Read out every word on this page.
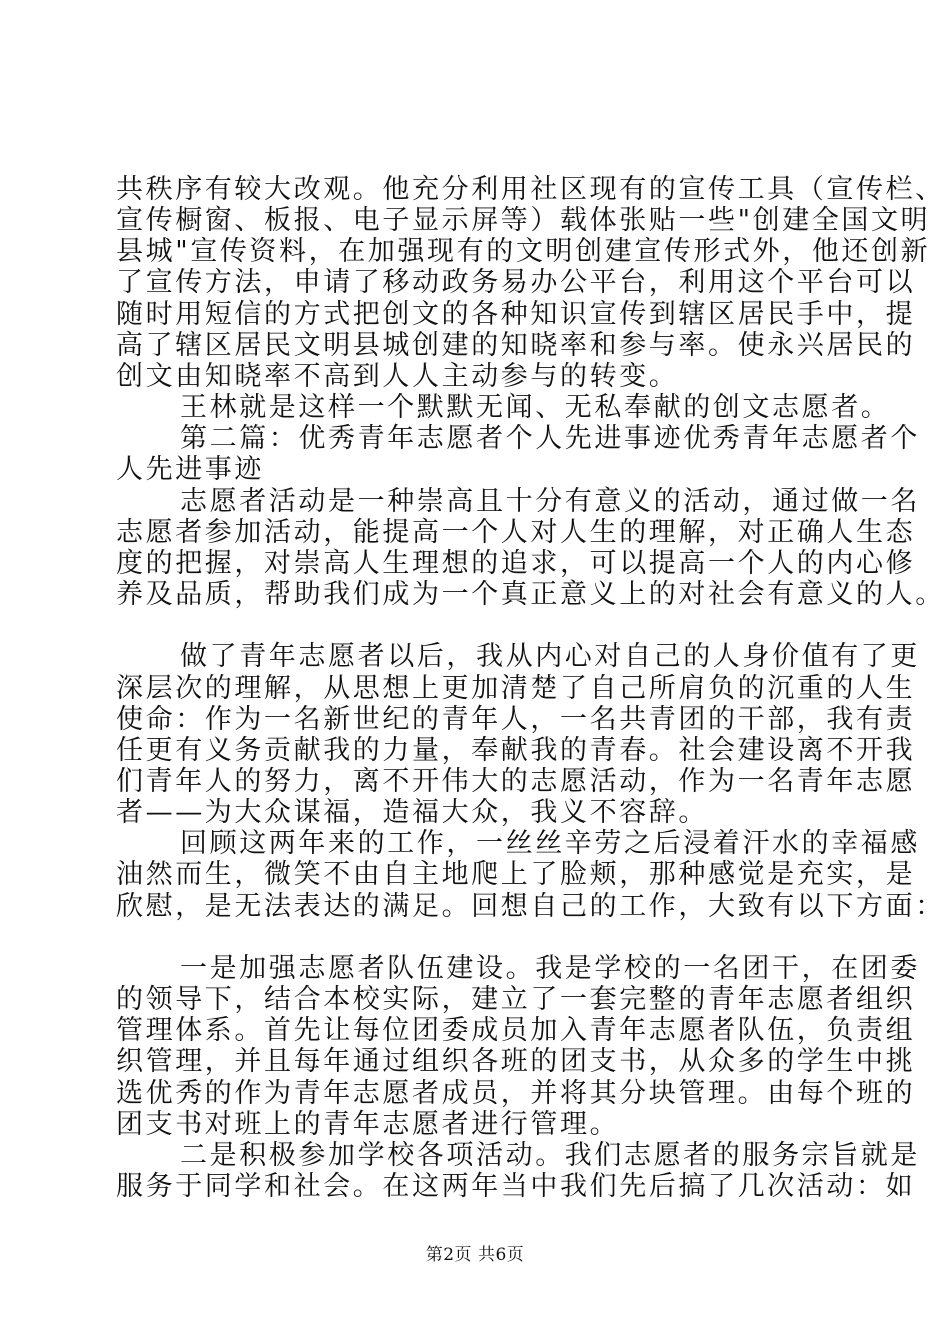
共秩序有较大改观。他充分利用社区现有的宣传工具（宣传栏、
宣传橱窗、板报、电子显示屏等）载体张贴一些"创建全国文明
县城"宣传资料，在加强现有的文明创建宣传形式外，他还创新
了宣传方法，申请了移动政务易办公平台，利用这个平台可以
随时用短信的方式把创文的各种知识宣传到辖区居民手中，提
高了辖区居民文明县城创建的知晓率和参与率。使永兴居民的
创文由知晓率不高到人人主动参与的转变。
王林就是这样一个默默无闻、无私奉献的创文志愿者。
第二篇：优秀青年志愿者个人先进事迹优秀青年志愿者个
人先进事迹
志愿者活动是一种崇高且十分有意义的活动，通过做一名
志愿者参加活动，能提高一个人对人生的理解，对正确人生态
度的把握，对崇高人生理想的追求，可以提高一个人的内心修
养及品质，帮助我们成为一个真正意义上的对社会有意义的人。
做了青年志愿者以后，我从内心对自己的人身价值有了更
深层次的理解，从思想上更加清楚了自己所肩负的沉重的人生
使命：作为一名新世纪的青年人，一名共青团的干部，我有责
任更有义务贡献我的力量，奉献我的青春。社会建设离不开我
们青年人的努力，离不开伟大的志愿活动，作为一名青年志愿
者——为大众谋福，造福大众，我义不容辞。
回顾这两年来的工作，一丝丝辛劳之后浸着汗水的幸福感
油然而生，微笑不由自主地爬上了脸颊，那种感觉是充实，是
欣慰，是无法表达的满足。回想自己的工作，大致有以下方面：
一是加强志愿者队伍建设。我是学校的一名团干，在团委
的领导下，结合本校实际，建立了一套完整的青年志愿者组织
管理体系。首先让每位团委成员加入青年志愿者队伍，负责组
织管理，并且每年通过组织各班的团支书，从众多的学生中挑
选优秀的作为青年志愿者成员，并将其分块管理。由每个班的
团支书对班上的青年志愿者进行管理。
二是积极参加学校各项活动。我们志愿者的服务宗旨就是
服务于同学和社会。在这两年当中我们先后搞了几次活动：如
第2页 共6页
